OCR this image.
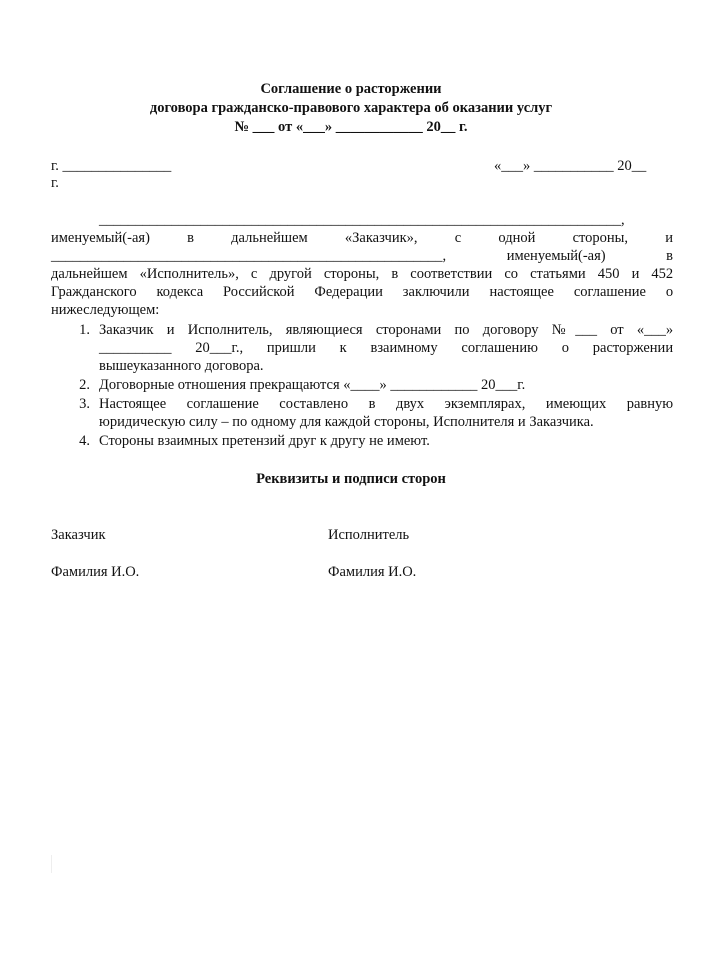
Соглашение о расторжении
договора гражданско-правового характера об оказании услуг
№ ___ от «___» ____________ 20__ г.
г. _______________
г.
«___» ___________ 20__
________________________________________________________________________,
именуемый(-ая)	в	дальнейшем	«Заказчик»,	с	одной	стороны,	и
______________________________________________________,	именуемый(-ая)	в
дальнейшем «Исполнитель», с другой стороны, в соответствии со статьями 450 и 452
Гражданского кодекса Российской Федерации заключили настоящее соглашение о
нижеследующем:
1. Заказчик и Исполнитель, являющиеся сторонами по договору №___ от «___»
__________ 20___г., пришли к взаимному соглашению о расторжении
вышеуказанного договора.
2. Договорные отношения прекращаются «____» ____________ 20___г.
3. Настоящее соглашение составлено в двух экземплярах, имеющих равную
юридическую силу – по одному для каждой стороны, Исполнителя и Заказчика.
4. Стороны взаимных претензий друг к другу не имеют.
Реквизиты и подписи сторон
Заказчик	Исполнитель
Фамилия И.О.	Фамилия И.О.
